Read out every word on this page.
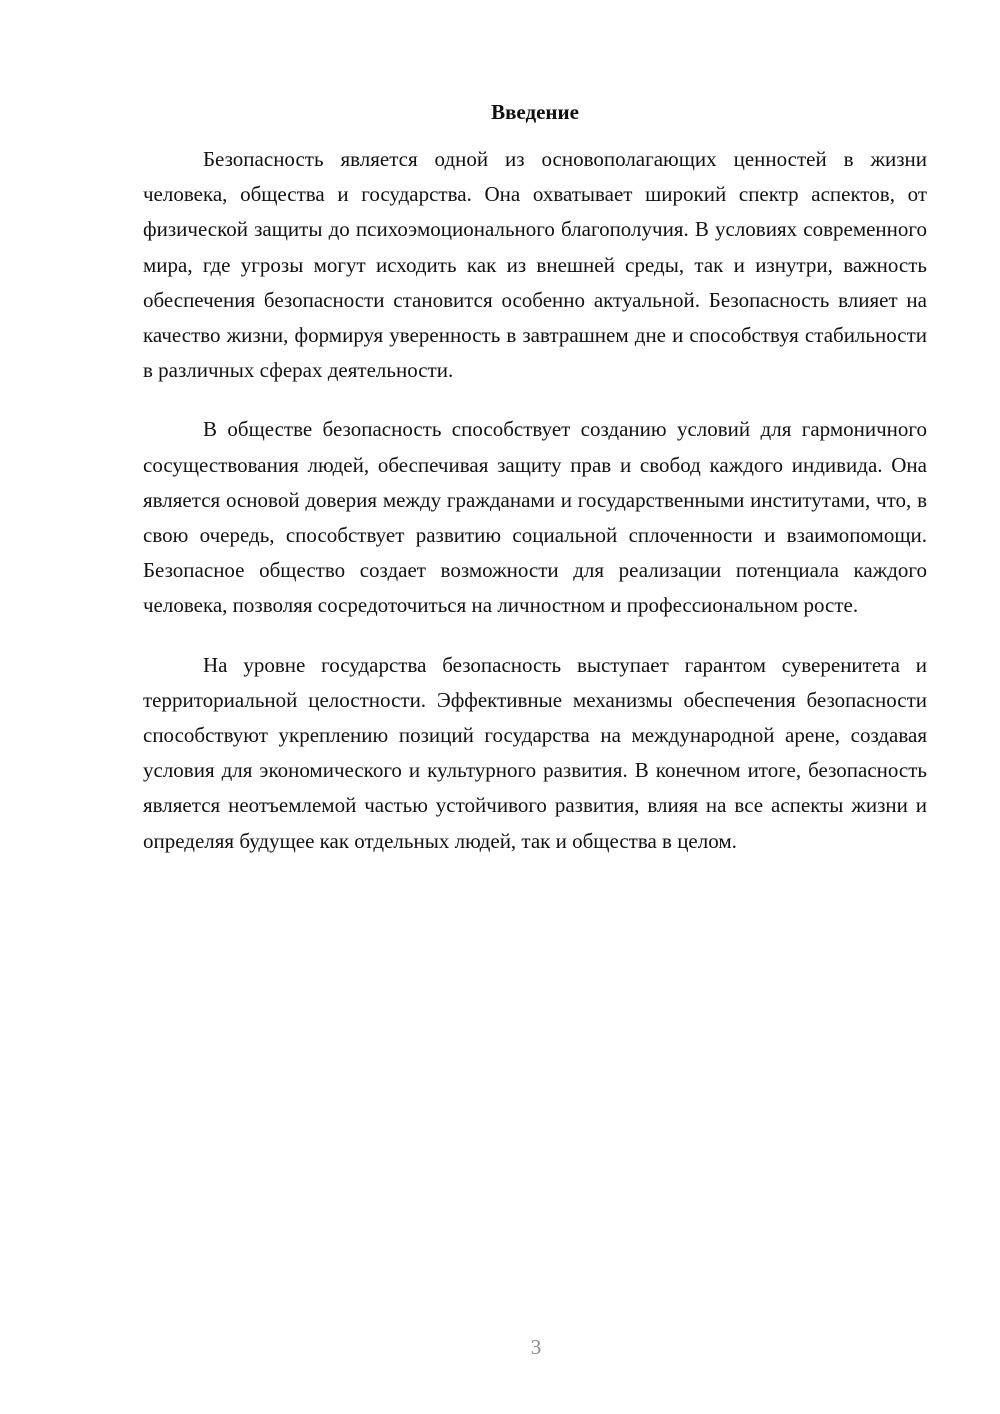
Введение

Безопасность является одной из основополагающих ценностей в жизни человека, общества и государства. Она охватывает широкий спектр аспектов, от физической защиты до психоэмоционального благополучия. В условиях современного мира, где угрозы могут исходить как из внешней среды, так и изнутри, важность обеспечения безопасности становится особенно актуальной. Безопасность влияет на качество жизни, формируя уверенность в завтрашнем дне и способствуя стабильности в различных сферах деятельности.

В обществе безопасность способствует созданию условий для гармоничного сосуществования людей, обеспечивая защиту прав и свобод каждого индивида. Она является основой доверия между гражданами и государственными институтами, что, в свою очередь, способствует развитию социальной сплоченности и взаимопомощи. Безопасное общество создает возможности для реализации потенциала каждого человека, позволяя сосредоточиться на личностном и профессиональном росте.

На уровне государства безопасность выступает гарантом суверенитета и территориальной целостности. Эффективные механизмы обеспечения безопасности способствуют укреплению позиций государства на международной арене, создавая условия для экономического и культурного развития. В конечном итоге, безопасность является неотъемлемой частью устойчивого развития, влияя на все аспекты жизни и определяя будущее как отдельных людей, так и общества в целом.

3
